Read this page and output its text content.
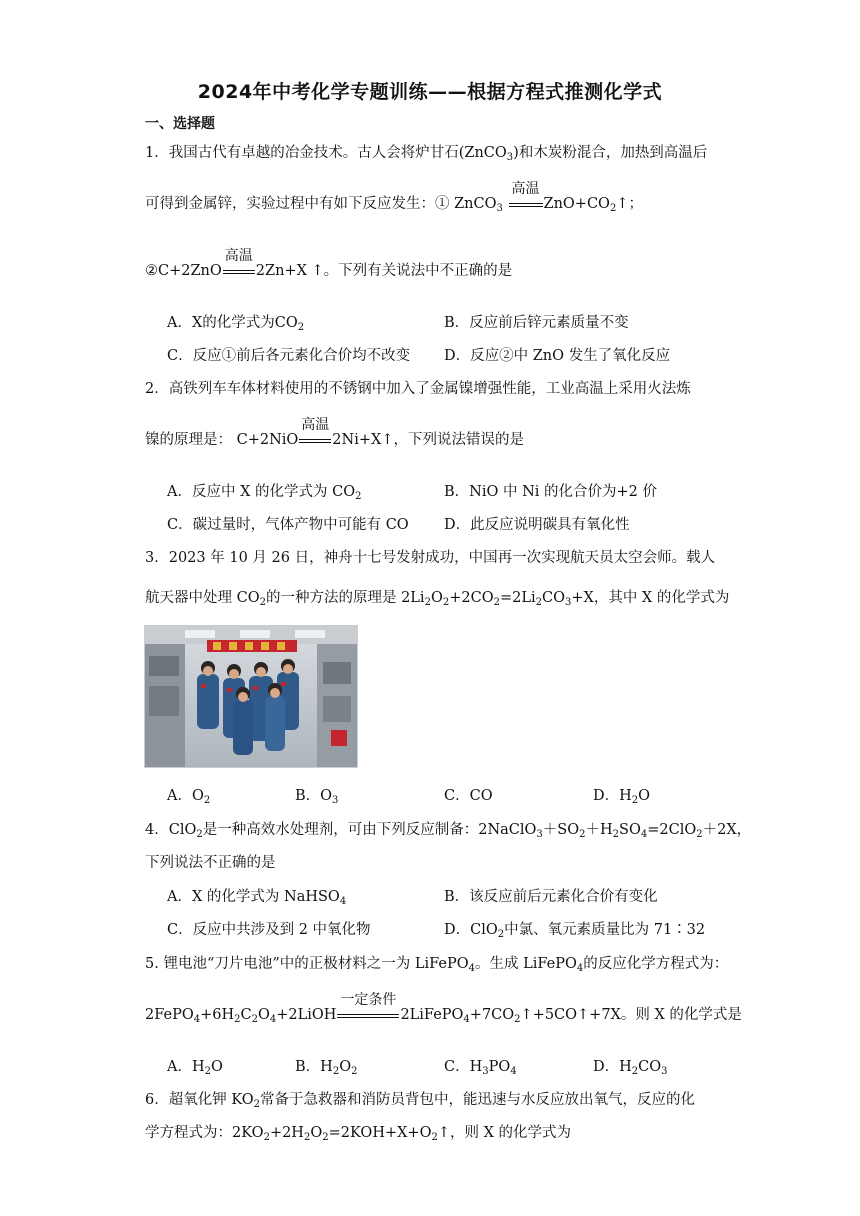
2024年中考化学专题训练——根据方程式推测化学式
一、选择题
1．我国古代有卓越的冶金技术。古人会将炉甘石(ZnCO$_3$)和木炭粉混合，加热到高温后
可得到金属锌，实验过程中有如下反应发生：① ZnCO$_3$
高温
$ZnO+CO_2↑$；
②C+2ZnO
高温
2Zn+X ↑。下列有关说法中不正确的是
A．X的化学式为$CO_2$	B．反应前后锌元素质量不变
C．反应①前后各元素化合价均不改变 D．反应②中 ZnO 发生了氧化反应
2．高铁列车车体材料使用的不锈钢中加入了金属镍增强性能，工业高温上采用火法炼
镍的原理是： C+2NiO
高温
2Ni+X↑，下列说法错误的是
A．反应中 X 的化学式为 $CO_2$	B．NiO 中 Ni 的化合价为+2 价
C．碳过量时，气体产物中可能有 CO D．此反应说明碳具有氧化性
3．2023 年 10 月 26 日，神舟十七号发射成功，中国再一次实现航天员太空会师。载人
航天器中处理 $CO_2$的一种方法的原理是 $2Li_2O_2+2CO_2=2Li_2CO_3+X$，其中 X 的化学式为
A．$O_2$	B．$O_3$	C．CO	D．$H_2O$
4．ClO$_2$是一种高效水处理剂，可由下列反应制备：$2NaClO_3+SO_2+H_2SO_4=2ClO_2+2X$，
下列说法不正确的是
A．X 的化学式为 NaHSO$_4$	B．该反应前后元素化合价有变化
C．反应中共涉及到 2 中氧化物	D．ClO$_2$中氯、氧元素质量比为 71∶32
5. 锂电池“刀片电池”中的正极材料之一为 LiFePO$_4$。生成 LiFePO$_4$的反应化学方程式为：
$2FePO_4+6H_2C_2O_4+2LiOH$
一定条件
$2LiFePO_4+7CO_2↑+5CO↑+7X$。则 X 的化学式是
A．$H_2O$	B．$H_2O_2$	C．$H_3PO_4$	D．$H_2CO_3$
6．超氧化钾 $KO_2$常备于急救器和消防员背包中，能迅速与水反应放出氧气，反应的化
学方程式为：$2KO_2+2H_2O_2=2KOH+X+O_2↑$，则 X 的化学式为
